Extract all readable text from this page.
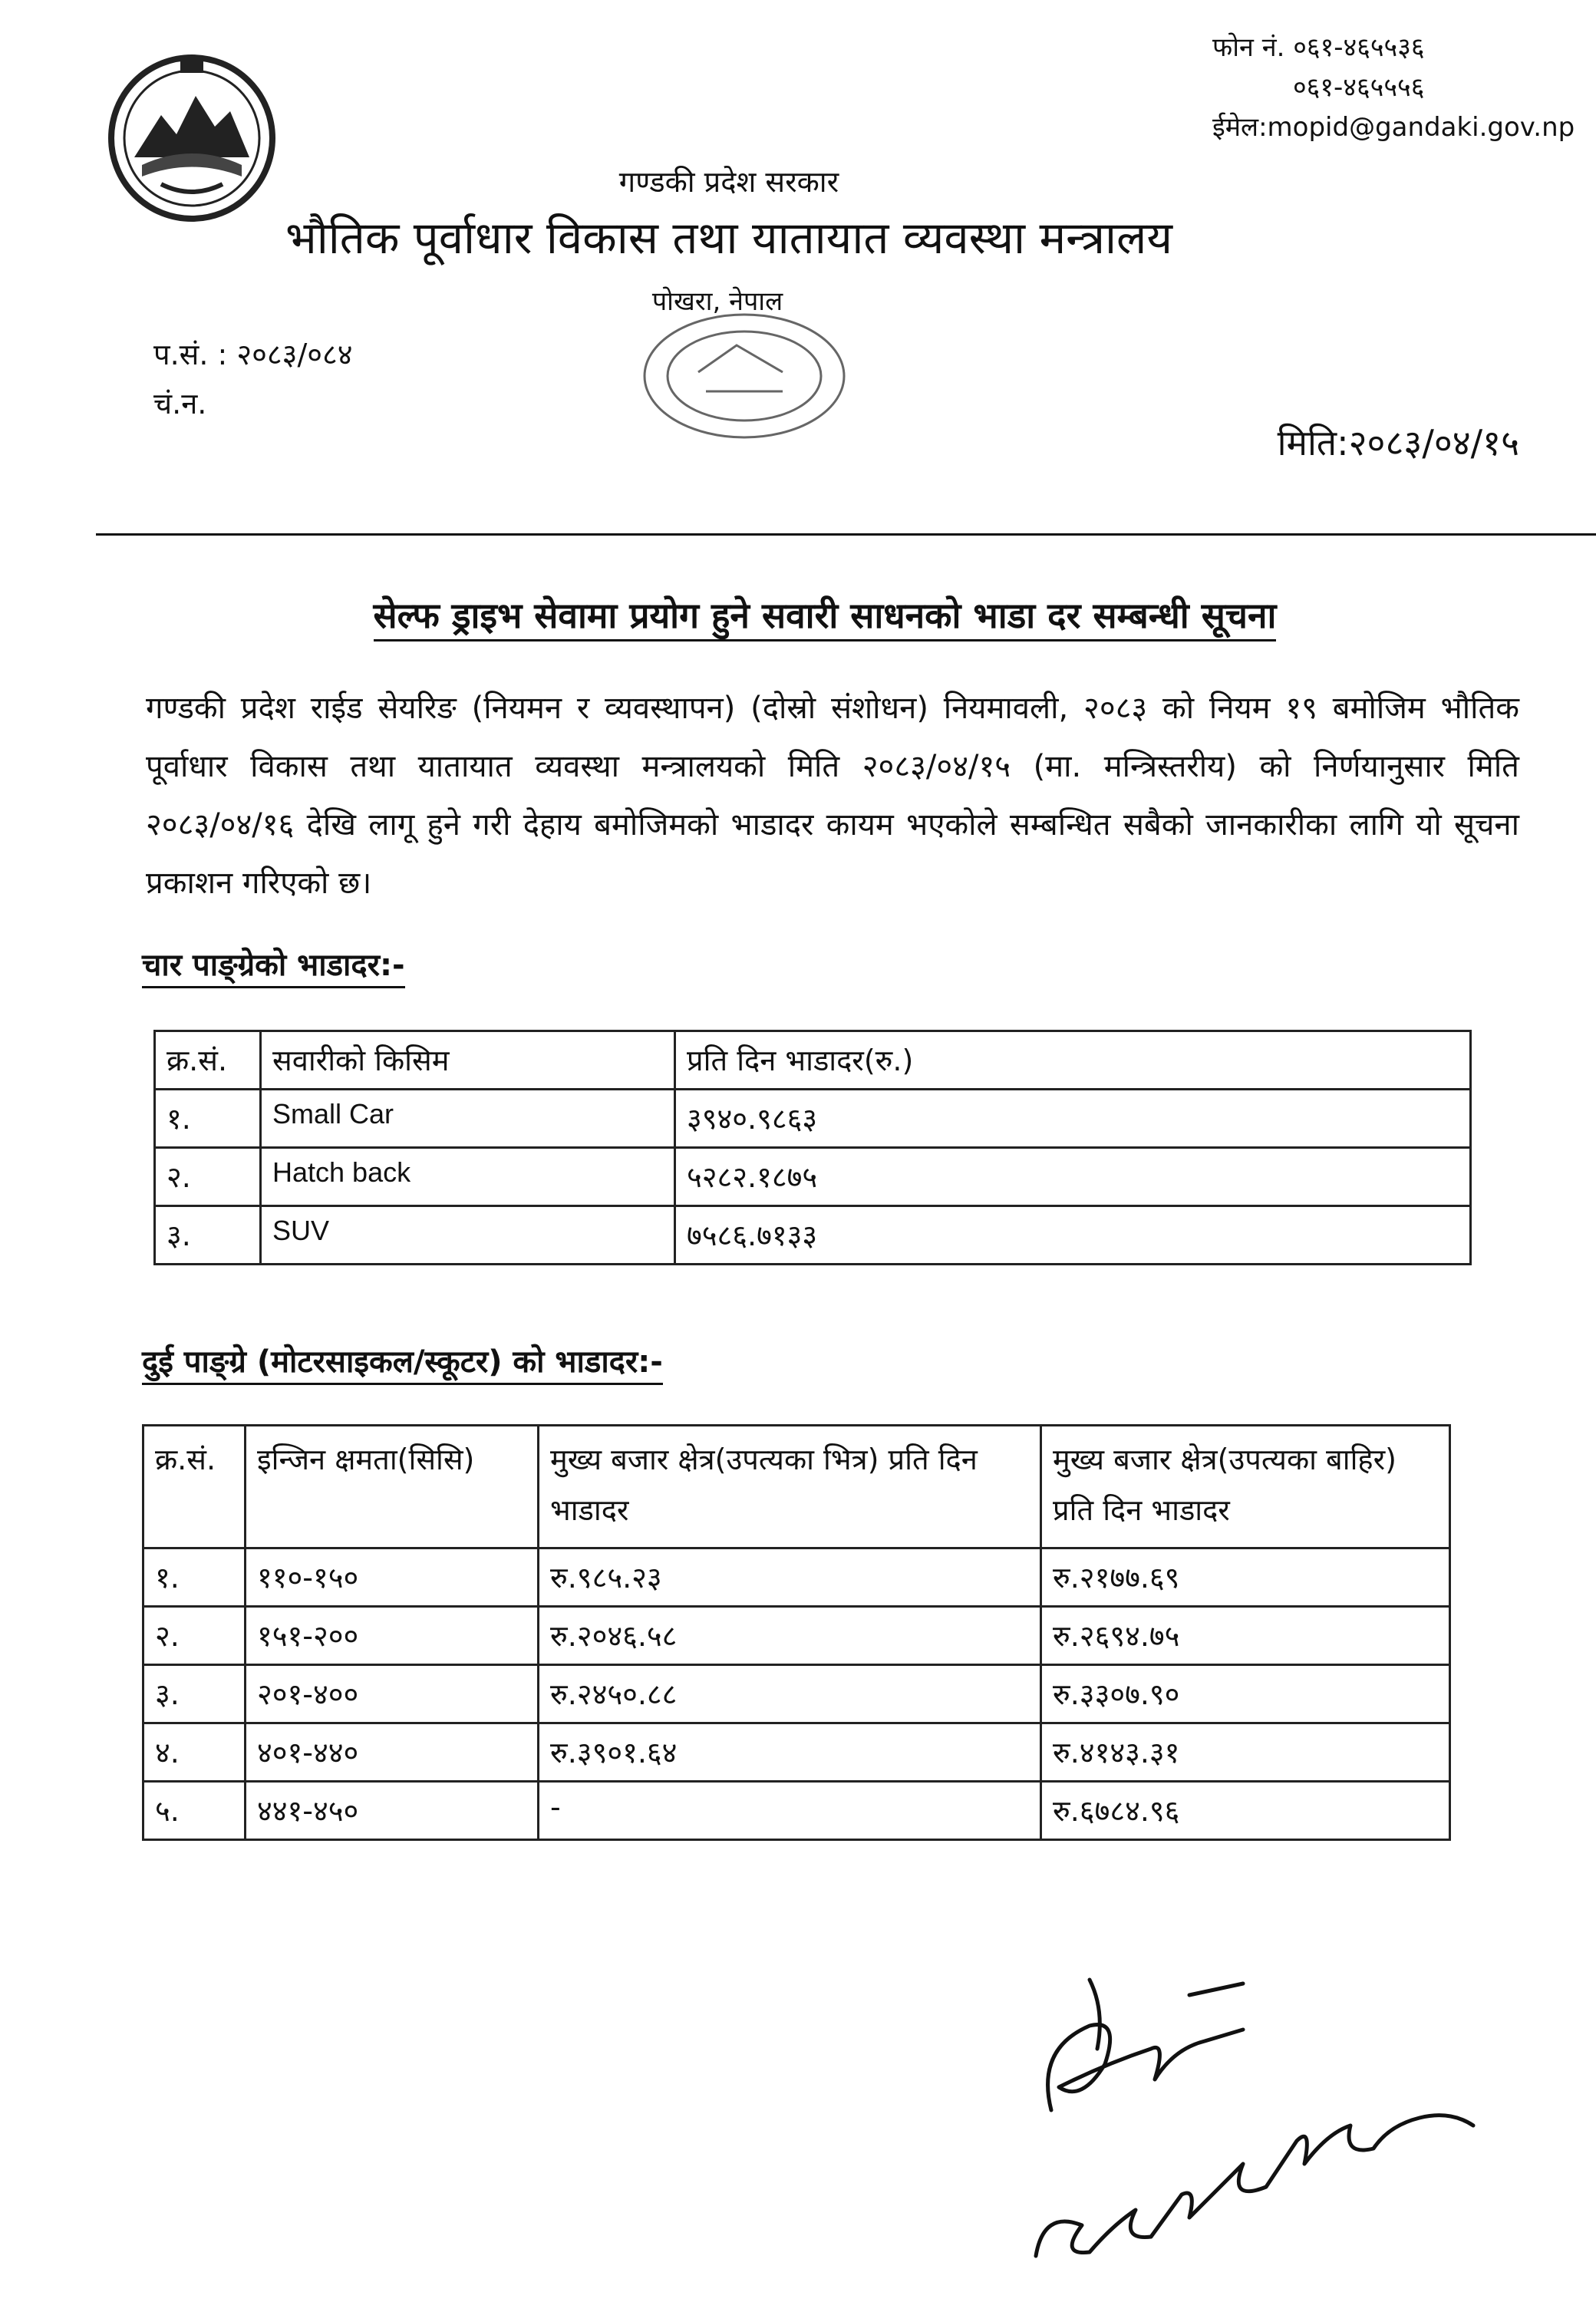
फोन नं. ०६१-४६५५३६
०६१-४६५५५६
ईमेल:mopid@gandaki.gov.np
गण्डकी प्रदेश सरकार
भौतिक पूर्वाधार विकास तथा यातायात व्यवस्था मन्त्रालय
पोखरा, नेपाल
प.सं. : २०८३/०८४
चं.न.
मिति:२०८३/०४/१५
सेल्फ ड्राइभ सेवामा प्रयोग हुने सवारी साधनको भाडा दर सम्बन्धी सूचना
गण्डकी प्रदेश राईड सेयरिङ (नियमन र व्यवस्थापन) (दोस्रो संशोधन) नियमावली, २०८३ को नियम १९ बमोजिम भौतिक पूर्वाधार विकास तथा यातायात व्यवस्था मन्त्रालयको मिति २०८३/०४/१५ (मा. मन्त्रिस्तरीय) को निर्णयानुसार मिति २०८३/०४/१६ देखि लागू हुने गरी देहाय बमोजिमको भाडादर कायम भएकोले सम्बन्धित सबैको जानकारीका लागि यो सूचना प्रकाशन गरिएको छ।
चार पाङ्ग्रेको भाडादर:-
क्र.सं.	सवारीको किसिम	प्रति दिन भाडादर(रु.)
१.	Small Car	३९४०.९८६३
२.	Hatch back	५२८२.१८७५
३.	SUV	७५८६.७१३३
दुई पाङ्ग्रे (मोटरसाइकल/स्कूटर) को भाडादर:-
क्र.सं.	इन्जिन क्षमता(सिसि)	मुख्य बजार क्षेत्र(उपत्यका भित्र) प्रति दिन भाडादर	मुख्य बजार क्षेत्र(उपत्यका बाहिर) प्रति दिन भाडादर
१.	११०-१५०	रु.९८५.२३	रु.२१७७.६९
२.	१५१-२००	रु.२०४६.५८	रु.२६९४.७५
३.	२०१-४००	रु.२४५०.८८	रु.३३०७.९०
४.	४०१-४४०	रु.३९०१.६४	रु.४१४३.३१
५.	४४१-४५०	-	रु.६७८४.९६
